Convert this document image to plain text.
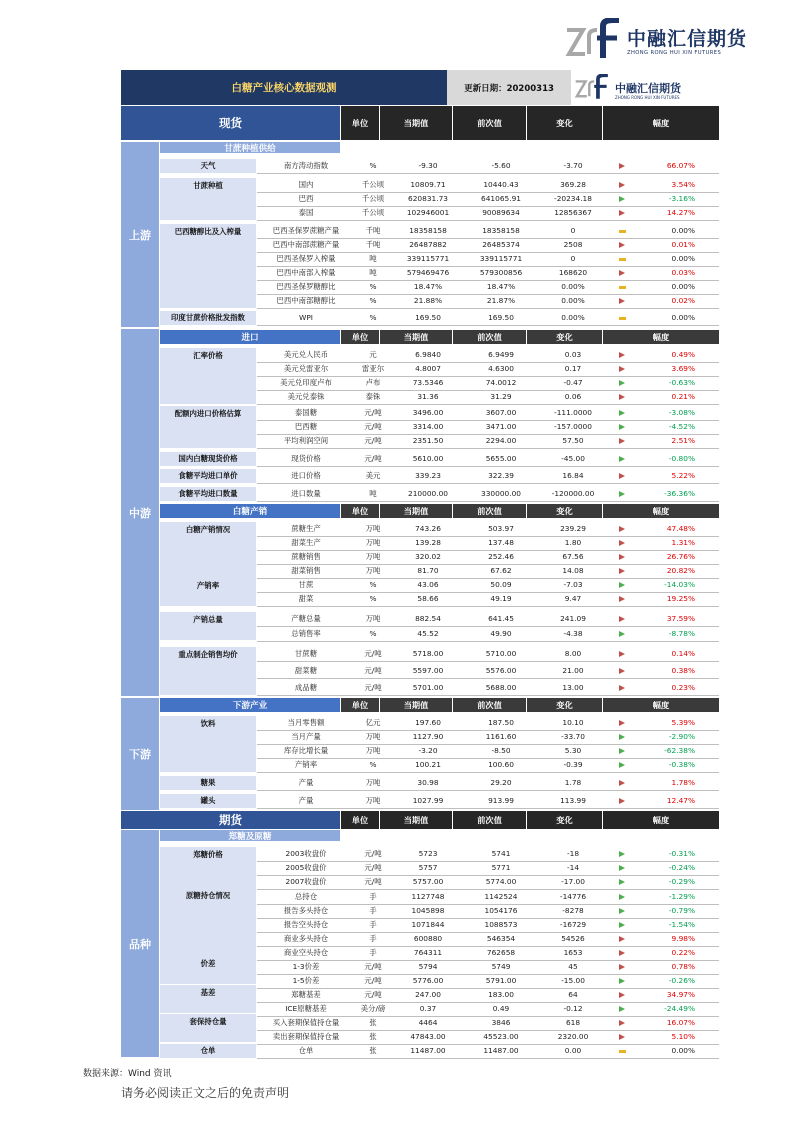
中融汇信期货
ZHONG RONG HUI XIN FUTURES
白糖产业核心数据观测	更新日期：20200313	中融汇信期货
ZHONG RONG HUI XIN FUTURES
现货	单位	当期值	前次值	变化	幅度
上游
中游
下游
品种
期货	单位	当期值	前次值	变化	幅度
甘蔗种植供给
进口	单位	当期值	前次值	变化	幅度
白糖产销	单位	当期值	前次值	变化	幅度
下游产业	单位	当期值	前次值	变化	幅度
郑糖及原糖
天气
甘蔗种植
巴西糖醇比及入榨量
印度甘蔗价格批发指数
汇率价格
配额内进口价格估算
国内白糖现货价格
食糖平均进口单价
食糖平均进口数量
白糖产销情况
产销率
产销总量
重点制企销售均价
饮料
糖果
罐头
郑糖价格
原糖持仓情况
价差
基差
套保持仓量
仓单
南方涛动指数	%	-9.30	-5.60	-3.70	66.07%
国内	千公顷	10809.71	10440.43	369.28	3.54%
巴西	千公顷	620831.73	641065.91	-20234.18	-3.16%
泰国	千公顷	102946001	90089634	12856367	14.27%
巴西圣保罗蔗糖产量	千吨	18358158	18358158	0	0.00%
巴西中南部蔗糖产量	千吨	26487882	26485374	2508	0.01%
巴西圣保罗入榨量	吨	339115771	339115771	0	0.00%
巴西中南部入榨量	吨	579469476	579300856	168620	0.03%
巴西圣保罗糖醇比	%	18.47%	18.47%	0.00%	0.00%
巴西中南部糖醇比	%	21.88%	21.87%	0.00%	0.02%
WPI	%	169.50	169.50	0.00%	0.00%
美元兑人民币	元	6.9840	6.9499	0.03	0.49%
美元兑雷亚尔	雷亚尔	4.8007	4.6300	0.17	3.69%
美元兑印度卢布	卢布	73.5346	74.0012	-0.47	-0.63%
美元兑泰铢	泰铢	31.36	31.29	0.06	0.21%
泰国糖	元/吨	3496.00	3607.00	-111.0000	-3.08%
巴西糖	元/吨	3314.00	3471.00	-157.0000	-4.52%
平均利润空间	元/吨	2351.50	2294.00	57.50	2.51%
现货价格	元/吨	5610.00	5655.00	-45.00	-0.80%
进口价格	美元	339.23	322.39	16.84	5.22%
进口数量	吨	210000.00	330000.00	-120000.00	-36.36%
蔗糖生产	万吨	743.26	503.97	239.29	47.48%
甜菜生产	万吨	139.28	137.48	1.80	1.31%
蔗糖销售	万吨	320.02	252.46	67.56	26.76%
甜菜销售	万吨	81.70	67.62	14.08	20.82%
甘蔗	%	43.06	50.09	-7.03	-14.03%
甜菜	%	58.66	49.19	9.47	19.25%
产糖总量	万吨	882.54	641.45	241.09	37.59%
总销售率	%	45.52	49.90	-4.38	-8.78%
甘蔗糖	元/吨	5718.00	5710.00	8.00	0.14%
甜菜糖	元/吨	5597.00	5576.00	21.00	0.38%
成品糖	元/吨	5701.00	5688.00	13.00	0.23%
当月零售额	亿元	197.60	187.50	10.10	5.39%
当月产量	万吨	1127.90	1161.60	-33.70	-2.90%
库存比增长量	万吨	-3.20	-8.50	5.30	-62.38%
产销率	%	100.21	100.60	-0.39	-0.38%
产量	万吨	30.98	29.20	1.78	1.78%
产量	万吨	1027.99	913.99	113.99	12.47%
2003收盘价	元/吨	5723	5741	-18	-0.31%
2005收盘价	元/吨	5757	5771	-14	-0.24%
2007收盘价	元/吨	5757.00	5774.00	-17.00	-0.29%
总持仓	手	1127748	1142524	-14776	-1.29%
报告多头持仓	手	1045898	1054176	-8278	-0.79%
报告空头持仓	手	1071844	1088573	-16729	-1.54%
商业多头持仓	手	600880	546354	54526	9.98%
商业空头持仓	手	764311	762658	1653	0.22%
1-3价差	元/吨	5794	5749	45	0.78%
1-5价差	元/吨	5776.00	5791.00	-15.00	-0.26%
郑糖基差	元/吨	247.00	183.00	64	34.97%
ICE原糖基差	美分/磅	0.37	0.49	-0.12	-24.49%
买入套期保值持仓量	张	4464	3846	618	16.07%
卖出套期保值持仓量	张	47843.00	45523.00	2320.00	5.10%
仓单	张	11487.00	11487.00	0.00	0.00%
数据来源：Wind 资讯
请务必阅读正文之后的免责声明
